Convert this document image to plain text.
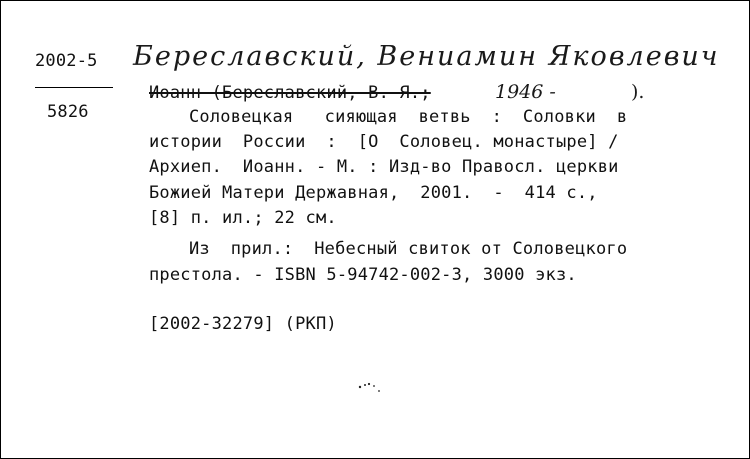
2002-5
5826
Береславский, Вениамин Яковлевич
Иоанн (Береславский, В. Я.;	1946 -	).
Соловецкая   сияющая  ветвь  :  Соловки  в
истории  России  :  [О  Соловец. монастыре] /
Архиеп.  Иоанн. - М. : Изд-во Правосл. церкви
Божией Матери Державная,  2001.  -  414 с.,
[8] п. ил.; 22 см.
Из  прил.:  Небесный свиток от Соловецкого
престола. - ISBN 5-94742-002-3, 3000 экз.
[2002-32279] (РКП)
